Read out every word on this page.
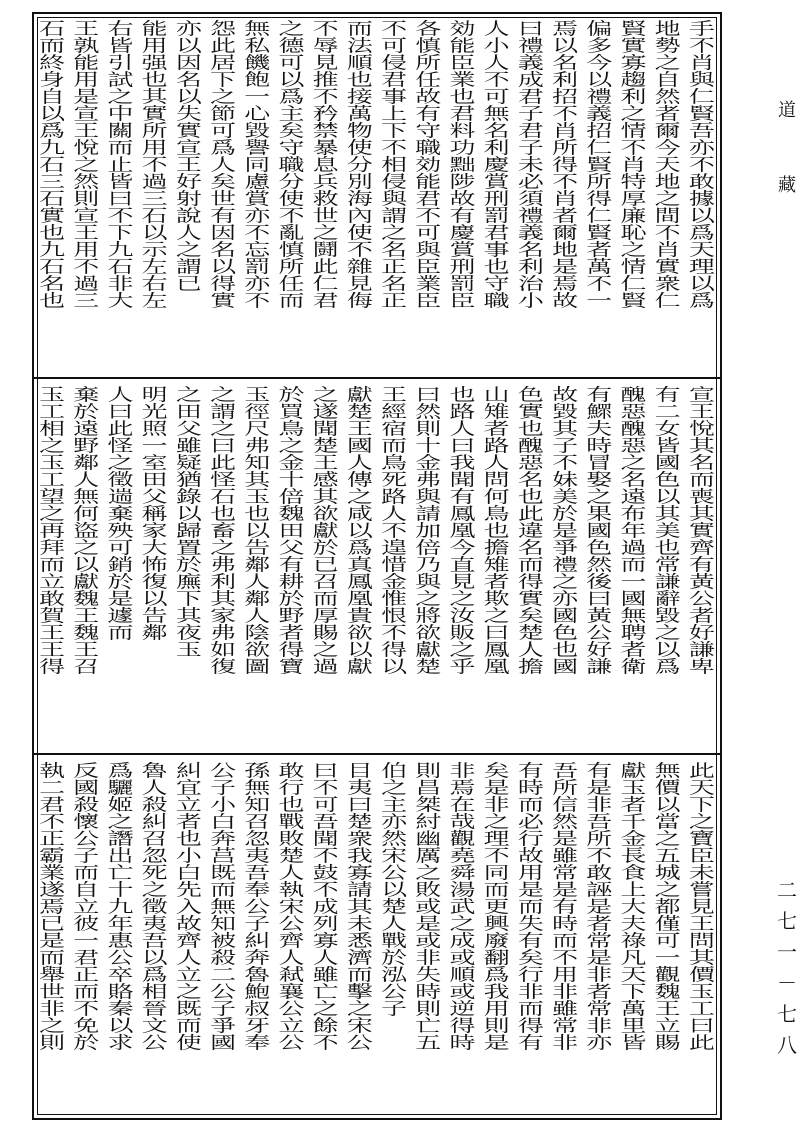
手
不
肖
與
仁
賢
吾
亦
不
敢
據
以
爲
天
理
以
爲
地
勢
之
自
然
者
爾
今
天
地
之
間
不
肖
實
衆
仁
賢
實
寡
趨
利
之
情
不
肖
特
厚
廉
恥
之
情
仁
賢
偏
多
今
以
禮
義
招
仁
賢
所
得
仁
賢
者
萬
不
一
焉
以
名
利
招
不
肖
所
得
不
肖
者
爾
地
是
焉
故
曰
禮
義
成
君
子
君
子
未
必
須
禮
義
名
利
治
小
人
小
人
不
可
無
名
利
慶
賞
刑
罰
君
事
也
守
職
効
能
臣
業
也
君
料
功
黜
陟
故
有
慶
賞
刑
罰
臣
各
慎
所
任
故
有
守
職
効
能
君
不
可
與
臣
業
臣
不
可
侵
君
事
上
下
不
相
侵
與
謂
之
名
正
名
正
而
法
順
也
接
萬
物
使
分
別
海
內
使
不
雜
見
侮
不
辱
見
推
不
矜
禁
暴
息
兵
救
世
之
鬪
此
仁
君
之
德
可
以
爲
主
矣
守
職
分
使
不
亂
慎
所
任
而
無
私
饑
飽
一
心
毀
譽
同
慮
賞
亦
不
忘
罰
亦
不
怨
此
居
下
之
節
可
爲
人
矣
世
有
因
名
以
得
實
亦
以
因
名
以
失
實
宣
王
好
射
說
人
之
謂
已
能
用
强
也
其
實
所
用
不
過
三
石
以
示
左
右
左
右
皆
引
試
之
中
關
而
止
皆
曰
不
下
九
石
非
大
王
孰
能
用
是
宣
王
悅
之
然
則
宣
王
用
不
過
三
石
而
終
身
自
以
爲
九
石
三
石
實
也
九
石
名
也
宣
王
悅
其
名
而
喪
其
實
齊
有
黃
公
者
好
謙
卑
有
二
女
皆
國
色
以
其
美
也
常
謙
辭
毀
之
以
爲
醜
惡
醜
惡
之
名
遠
布
年
過
而
一
國
無
聘
者
衛
有
鰥
夫
時
冒
娶
之
果
國
色
然
後
曰
黃
公
好
謙
故
毀
其
子
不
妹
美
於
是
爭
禮
之
亦
國
色
也
國
色
實
也
醜
惡
名
也
此
違
名
而
得
實
矣
楚
人
擔
山
雉
者
路
人
問
何
鳥
也
擔
雉
者
欺
之
曰
鳳
凰
也
路
人
曰
我
聞
有
鳳
凰
今
直
見
之
汝
販
之
乎
曰
然
則
十
金
弗
與
請
加
倍
乃
與
之
將
欲
獻
楚
王
經
宿
而
鳥
死
路
人
不
遑
惜
金
惟
恨
不
得
以
獻
楚
王
國
人
傳
之
咸
以
爲
真
鳳
凰
貴
欲
以
獻
之
遂
聞
楚
王
感
其
欲
獻
於
已
召
而
厚
賜
之
過
於
買
鳥
之
金
十
倍
魏
田
父
有
耕
於
野
者
得
寶
玉
徑
尺
弗
知
其
玉
也
以
告
鄰
人
鄰
人
陰
欲
圖
之
謂
之
曰
此
怪
石
也
畜
之
弗
利
其
家
弗
如
復
之
田
父
雖
疑
猶
錄
以
歸
置
於
廡
下
其
夜
玉
明
光
照
一
室
田
父
稱
家
大
怖
復
以
告
鄰
人
曰
此
怪
之
徵
遄
棄
殃
可
銷
於
是
遽
而
棄
於
遠
野
鄰
人
無
何
盜
之
以
獻
魏
王
魏
王
召
玉
工
相
之
玉
工
望
之
再
拜
而
立
敢
賀
王
王
得
此
天
下
之
寶
臣
未
嘗
見
王
問
其
價
玉
工
曰
此
無
價
以
當
之
五
城
之
都
僅
可
一
觀
魏
王
立
賜
獻
玉
者
千
金
長
食
上
大
夫
祿
凡
天
下
萬
里
皆
有
是
非
吾
所
不
敢
誣
是
者
常
是
非
者
常
非
亦
吾
所
信
然
是
雖
常
是
有
時
而
不
用
非
雖
常
非
有
時
而
必
行
故
用
是
而
失
有
矣
行
非
而
得
有
矣
是
非
之
理
不
同
而
更
興
廢
翻
爲
我
用
則
是
非
焉
在
哉
觀
堯
舜
湯
武
之
成
或
順
或
逆
得
時
則
昌
桀
紂
幽
厲
之
敗
或
是
或
非
失
時
則
亡
五
伯
之
主
亦
然
宋
公
以
楚
人
戰
於
泓
公
子
目
夷
曰
楚
衆
我
寡
請
其
未
悉
濟
而
擊
之
宋
公
曰
不
可
吾
聞
不
鼓
不
成
列
寡
人
雖
亡
之
餘
不
敢
行
也
戰
敗
楚
人
執
宋
公
齊
人
弒
襄
公
立
公
孫
無
知
召
忽
夷
吾
奉
公
子
糾
奔
魯
鮑
叔
牙
奉
公
子
小
白
奔
莒
既
而
無
知
被
殺
二
公
子
爭
國
糾
宜
立
者
也
小
白
先
入
故
齊
人
立
之
既
而
使
魯
人
殺
糾
召
忽
死
之
徵
夷
吾
以
爲
相
晉
文
公
爲
驪
姬
之
譖
出
亡
十
九
年
惠
公
卒
賂
秦
以
求
反
國
殺
懷
公
子
而
自
立
彼
一
君
正
而
不
免
於
執
二
君
不
正
霸
業
遂
焉
已
是
而
舉
世
非
之
則
道
藏
二
七
一
－
七
八
